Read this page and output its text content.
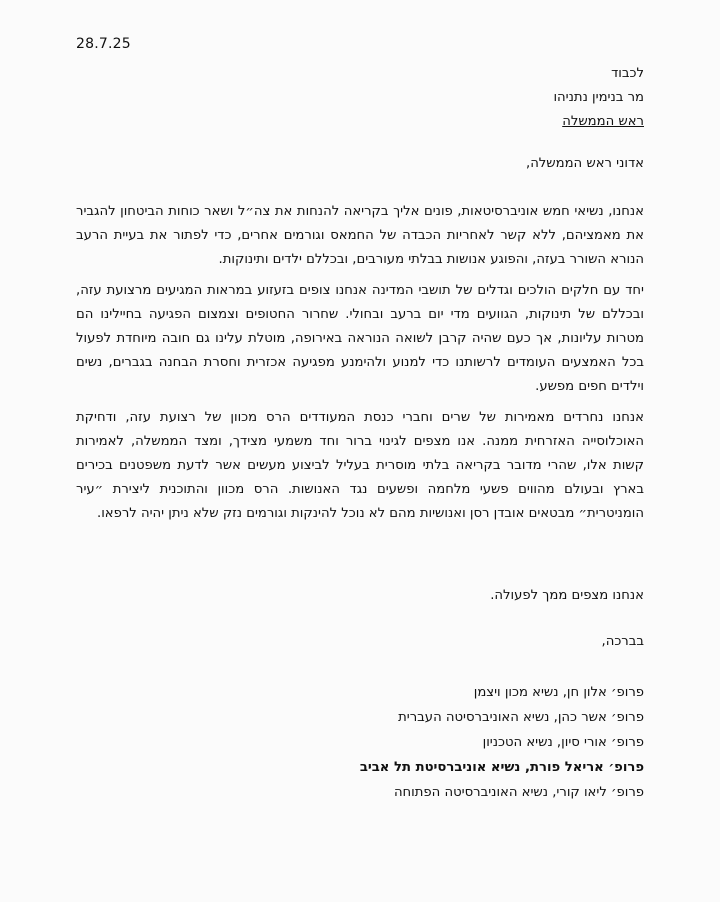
28.7.25
לכבוד
מר בנימין נתניהו
ראש הממשלה
אדוני ראש הממשלה,

אנחנו, נשיאי חמש אוניברסיטאות, פונים אליך בקריאה להנחות את צה״ל ושאר כוחות הביטחון להגביר את מאמציהם, ללא קשר לאחריות הכבדה של החמאס וגורמים אחרים, כדי לפתור את בעיית הרעב הנורא השורר בעזה, והפוגע אנושות בבלתי מעורבים, ובכללם ילדים ותינוקות.

יחד עם חלקים הולכים וגדלים של תושבי המדינה אנחנו צופים בזעזוע במראות המגיעים מרצועת עזה, ובכללם של תינוקות, הגוועים מדי יום ברעב ובחולי. שחרור החטופים וצמצום הפגיעה בחיילינו הם מטרות עליונות, אך כעם שהיה קרבן לשואה הנוראה באירופה, מוטלת עלינו גם חובה מיוחדת לפעול בכל האמצעים העומדים לרשותנו כדי למנוע ולהימנע מפגיעה אכזרית וחסרת הבחנה בגברים, נשים וילדים חפים מפשע.

אנחנו נחרדים מאמירות של שרים וחברי כנסת המעודדים הרס מכוון של רצועת עזה, ודחיקת האוכלוסייה האזרחית ממנה. אנו מצפים לגינוי ברור וחד משמעי מצידך, ומצד הממשלה, לאמירות קשות אלו, שהרי מדובר בקריאה בלתי מוסרית בעליל לביצוע מעשים אשר לדעת משפטנים בכירים בארץ ובעולם מהווים פשעי מלחמה ופשעים נגד האנושות. הרס מכוון והתוכנית ליצירת ״עיר הומניטרית״ מבטאים אובדן רסן ואנושיות מהם לא נוכל להינקות וגורמים נזק שלא ניתן יהיה לרפאו.

אנחנו מצפים ממך לפעולה.
בברכה,
פרופ׳ אלון חן, נשיא מכון ויצמן
פרופ׳ אשר כהן, נשיא האוניברסיטה העברית
פרופ׳ אורי סיון, נשיא הטכניון
פרופ׳ אריאל פורת, נשיא אוניברסיטת תל אביב
פרופ׳ ליאו קורי, נשיא האוניברסיטה הפתוחה
